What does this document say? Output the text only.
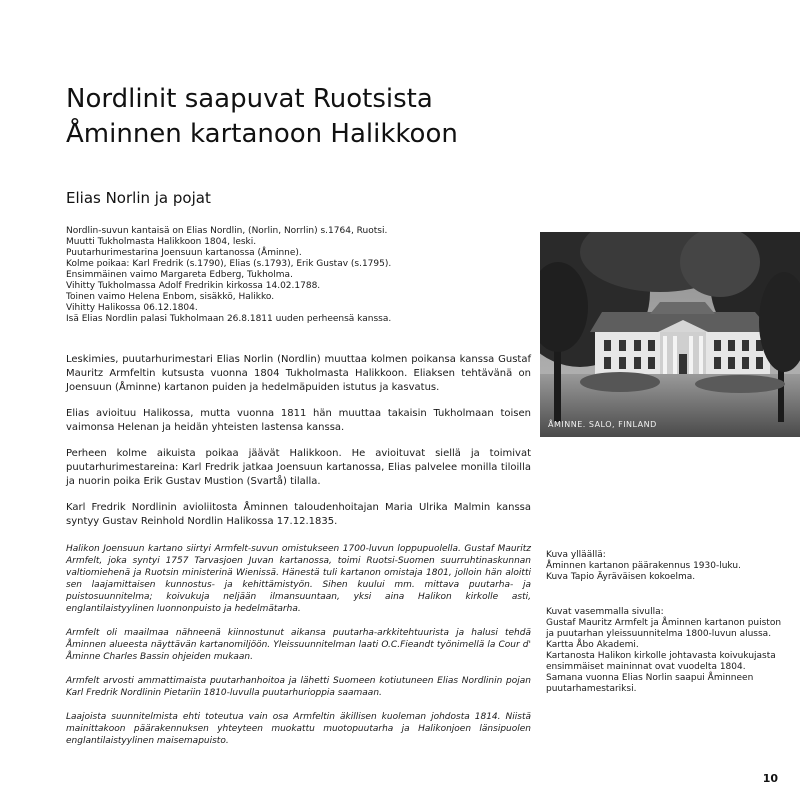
Nordlinit saapuvat Ruotsista
Åminnen kartanoon Halikkoon
Elias Norlin ja pojat
Nordlin-suvun kantaisä on Elias Nordlin, (Norlin, Norrlin) s.1764, Ruotsi.
Muutti Tukholmasta Halikkoon 1804, leski.
Puutarhurimestarina Joensuun kartanossa (Åminne).
Kolme poikaa: Karl Fredrik (s.1790), Elias (s.1793), Erik Gustav (s.1795).
Ensimmäinen vaimo Margareta Edberg, Tukholma.
Vihitty Tukholmassa Adolf Fredrikin kirkossa 14.02.1788.
Toinen vaimo Helena Enbom, sisäkkö, Halikko.
Vihitty Halikossa 06.12.1804.
Isä Elias Nordlin palasi Tukholmaan 26.8.1811 uuden perheensä kanssa.

Leskimies, puutarhurimestari Elias Norlin (Nordlin) muuttaa kolmen poikansa kanssa Gustaf Mauritz Armfeltin kutsusta vuonna 1804 Tukholmasta Halikkoon. Eliaksen tehtävänä on Joensuun (Åminne) kartanon puiden ja hedelmäpuiden istutus ja kasvatus.

Elias avioituu Halikossa, mutta vuonna 1811 hän muuttaa takaisin Tukholmaan toisen vaimonsa Helenan ja heidän yhteisten lastensa kanssa.

Perheen kolme aikuista poikaa jäävät Halikkoon. He avioituvat siellä ja toimivat puutarhurimestareina: Karl Fredrik jatkaa Joensuun kartanossa, Elias palvelee monilla tiloilla ja nuorin poika Erik Gustav Mustion (Svartå) tilalla.

Karl Fredrik Nordlinin avioliitosta Åminnen taloudenhoitajan Maria Ulrika Malmin kanssa syntyy Gustav Reinhold Nordlin Halikossa 17.12.1835.

Halikon Joensuun kartano siirtyi Armfelt-suvun omistukseen 1700-luvun loppupuolella. Gustaf Mauritz Armfelt, joka syntyi 1757 Tarvasjoen Juvan kartanossa, toimi Ruotsi-Suomen suurruhtinaskunnan valtiomiehenä ja Ruotsin ministerinä Wienissä. Hänestä tuli kartanon omistaja 1801, jolloin hän aloitti sen laajamittaisen kunnostus- ja kehittämistyön. Sihen kuului mm. mittava puutarha- ja puistosuunnitelma; koivukuja neljään ilmansuuntaan, yksi aina Halikon kirkolle asti, englantilaistyylinen luonnonpuisto ja hedelmätarha.

Armfelt oli maailmaa nähneenä kiinnostunut aikansa puutarha-arkkitehtuurista ja halusi tehdä Åminnen alueesta näyttävän kartanomiljöön. Yleissuunnitelman laati O.C.Fieandt työnimellä la Cour d' Åminne Charles Bassin ohjeiden mukaan.

Armfelt arvosti ammattimaista puutarhanhoitoa ja lähetti Suomeen kotiutuneen Elias Nordlinin pojan Karl Fredrik Nordlinin Pietariin 1810-luvulla puutarhurioppia saamaan.

Laajoista suunnitelmista ehti toteutua vain osa Armfeltin äkillisen kuoleman johdosta 1814. Niistä mainittakoon päärakennuksen yhteyteen muokattu muotopuutarha ja Halikonjoen länsipuolen englantilaistyylinen maisemapuisto.

ÅMINNE. SALO, FINLAND
Kuva ylläällä:
Åminnen kartanon päärakennus 1930-luku.
Kuva Tapio Äyräväisen kokoelma.
Kuvat vasemmalla sivulla:
Gustaf Mauritz Armfelt ja Åminnen kartanon puiston
ja puutarhan yleissuunnitelma 1800-luvun alussa.
Kartta Åbo Akademi.
Kartanosta Halikon kirkolle johtavasta koivukujasta
ensimmäiset maininnat ovat vuodelta 1804.
Samana vuonna Elias Norlin saapui Åminneen
puutarhamestariksi.
10
